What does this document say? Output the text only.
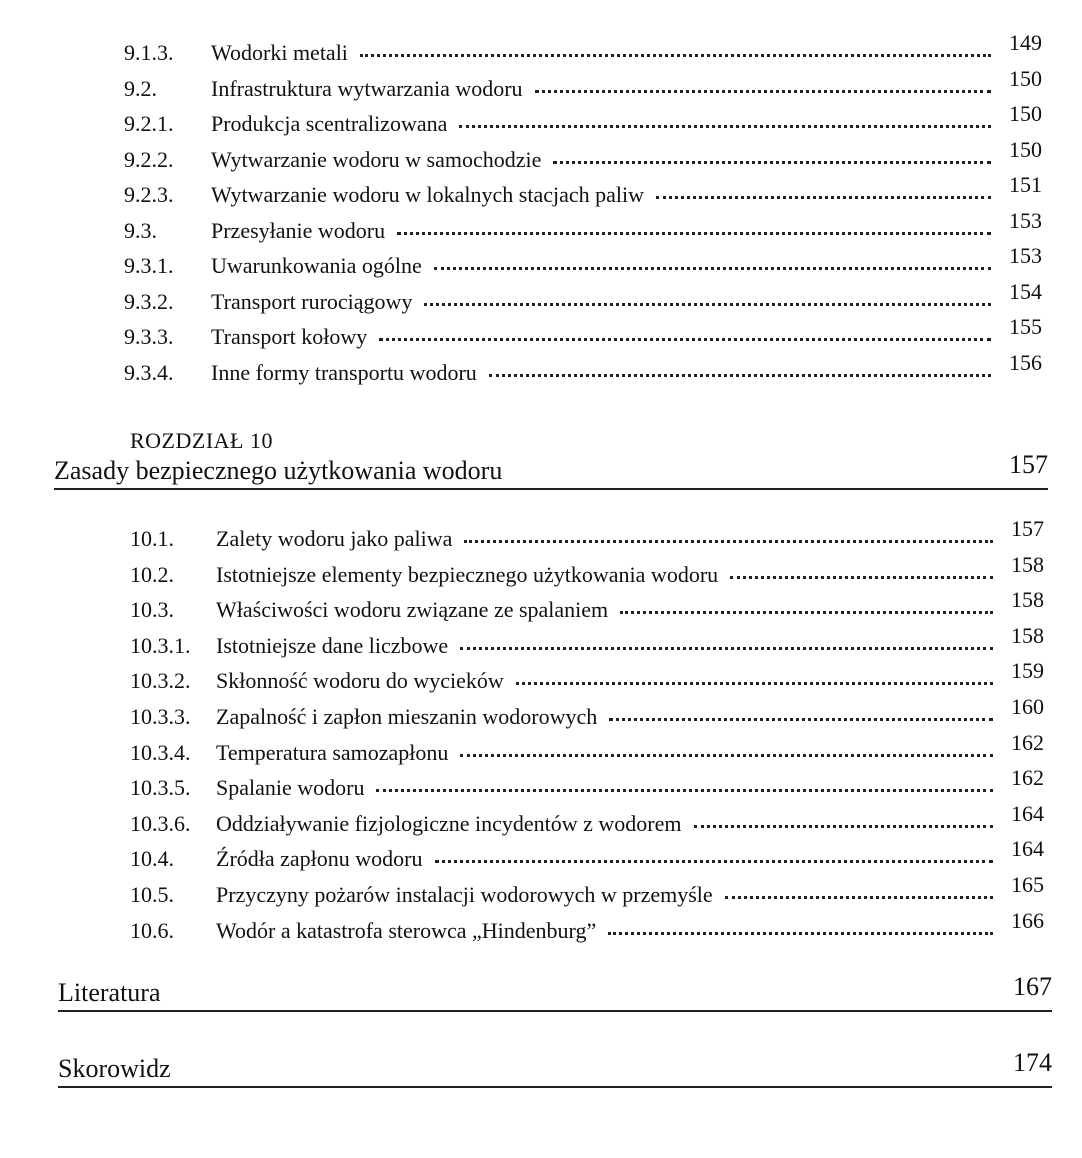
9.1.3.	Wodorki metali	149
9.2.	Infrastruktura wytwarzania wodoru	150
9.2.1.	Produkcja scentralizowana	150
9.2.2.	Wytwarzanie wodoru w samochodzie	150
9.2.3.	Wytwarzanie wodoru w lokalnych stacjach paliw	151
9.3.	Przesyłanie wodoru	153
9.3.1.	Uwarunkowania ogólne	153
9.3.2.	Transport rurociągowy	154
9.3.3.	Transport kołowy	155
9.3.4.	Inne formy transportu wodoru	156
ROZDZIAŁ 10
Zasady bezpiecznego użytkowania wodoru	157
10.1.	Zalety wodoru jako paliwa	157
10.2.	Istotniejsze elementy bezpiecznego użytkowania wodoru	158
10.3.	Właściwości wodoru związane ze spalaniem	158
10.3.1.	Istotniejsze dane liczbowe	158
10.3.2.	Skłonność wodoru do wycieków	159
10.3.3.	Zapalność i zapłon mieszanin wodorowych	160
10.3.4.	Temperatura samozapłonu	162
10.3.5.	Spalanie wodoru	162
10.3.6.	Oddziaływanie fizjologiczne incydentów z wodorem	164
10.4.	Źródła zapłonu wodoru	164
10.5.	Przyczyny pożarów instalacji wodorowych w przemyśle	165
10.6.	Wodór a katastrofa sterowca „Hindenburg”	166
Literatura	167
Skorowidz	174
